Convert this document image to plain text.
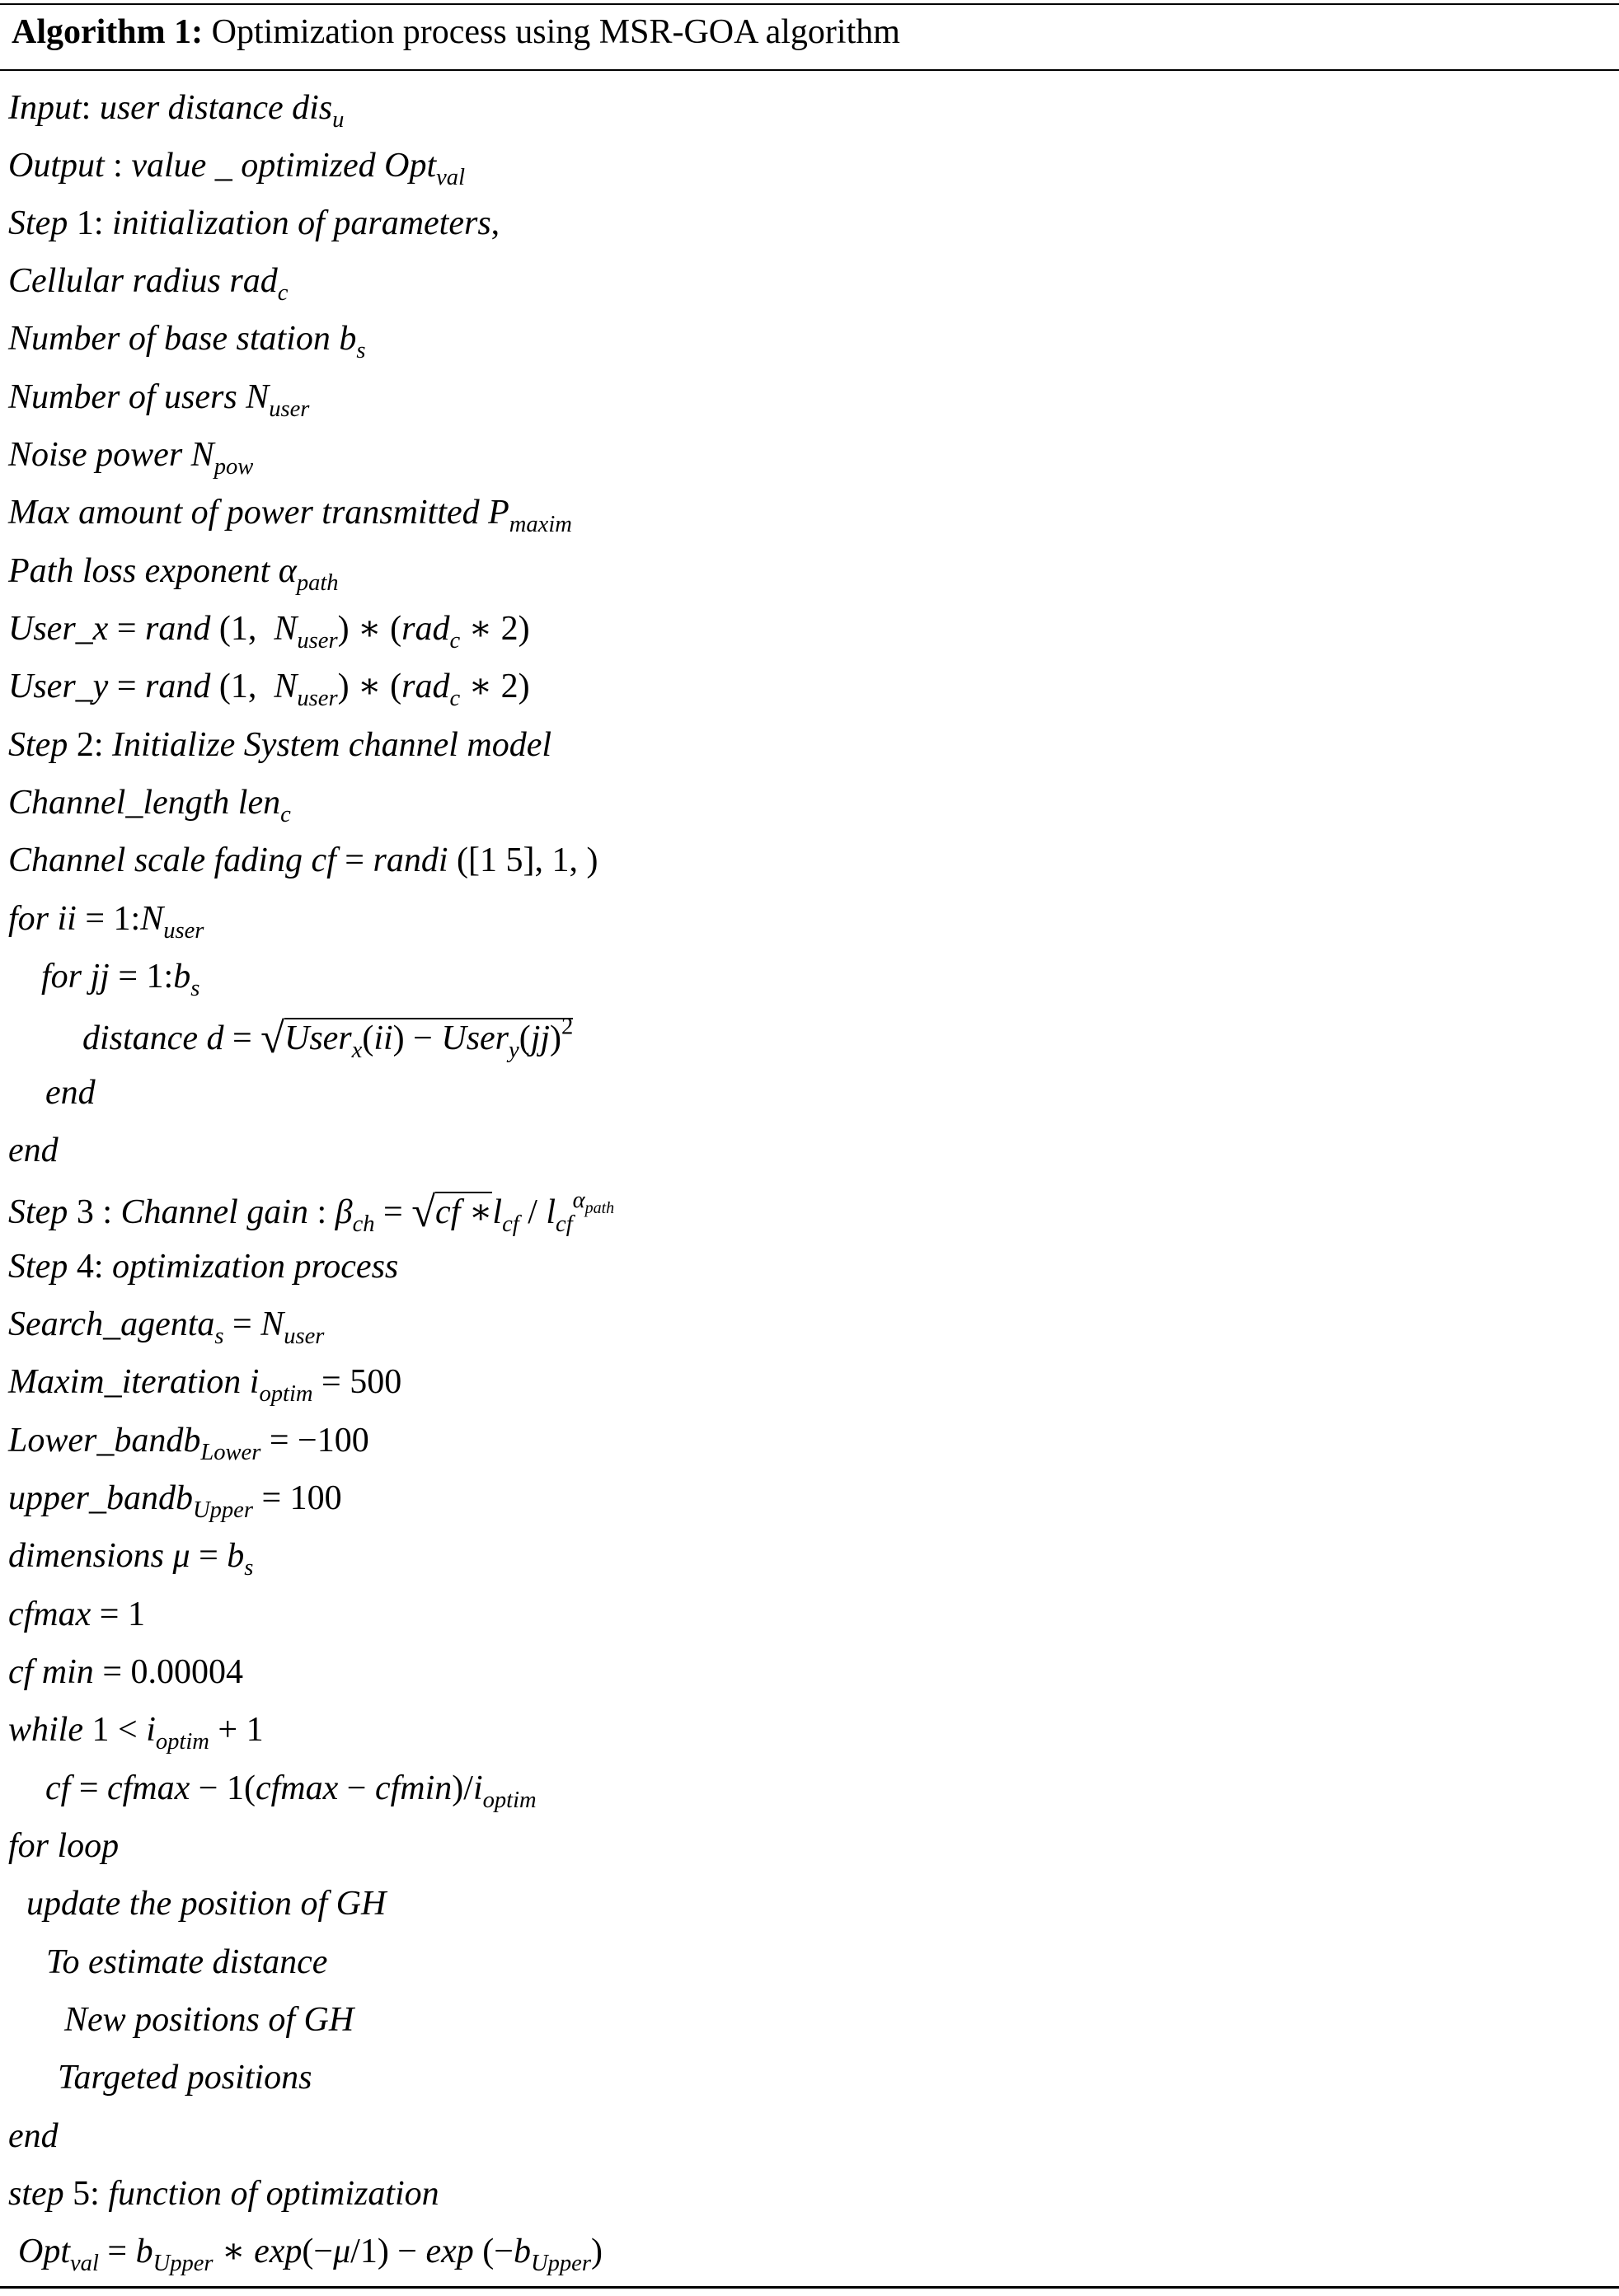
Algorithm 1: Optimization process using MSR-GOA algorithm
Input: user distance dis$_u$
Output : value _ optimized Opt$_{val}$
Step 1: initialization of parameters,
Cellular radius rad$_c$
Number of base station $b_s$
Number of users $N_{user}$
Noise power $N_{pow}$
Max amount of power transmitted $P_{maxim}$
Path loss exponent $\alpha_{path}$
User_x = rand (1,  $N_{user}$) ∗ (rad$_c$ ∗ 2)
User_y = rand (1,  $N_{user}$) ∗ (rad$_c$ ∗ 2)
Step 2: Initialize System channel model
Channel_length len$_c$
Channel scale fading cf = randi ([1 5], 1, )
for ii = $1:N_{user}$
for jj = $1:b_s$
distance d = √User$_x$(ii) − User$_y$(jj)$^2$
end
end
Step 3 : Channel gain : $\beta_{ch} = √cf$ $∗l_{cf} / l_{cf}^{\alpha_{path}}$
Step 4: optimization process
Search_agenta$_s$ = $N_{user}$
Maxim_iteration $i_{optim} = 500$
Lower_bandb$_{Lower}$ = −100
upper_bandb$_{Upper}$ = 100
dimensions $\mu = b_s$
cfmax = 1
cf min = 0.00004
while $1 < i_{optim} + 1$
cf = $cfmax - 1(cfmax - cfmin)/i_{optim}$
for loop
update the position of GH
To estimate distance
New positions of GH
Targeted positions
end
step 5: function of optimization
$Opt_{val} = b_{Upper}$ ∗ $\exp(-\mu/1) - \exp (-b_{Upper})$
